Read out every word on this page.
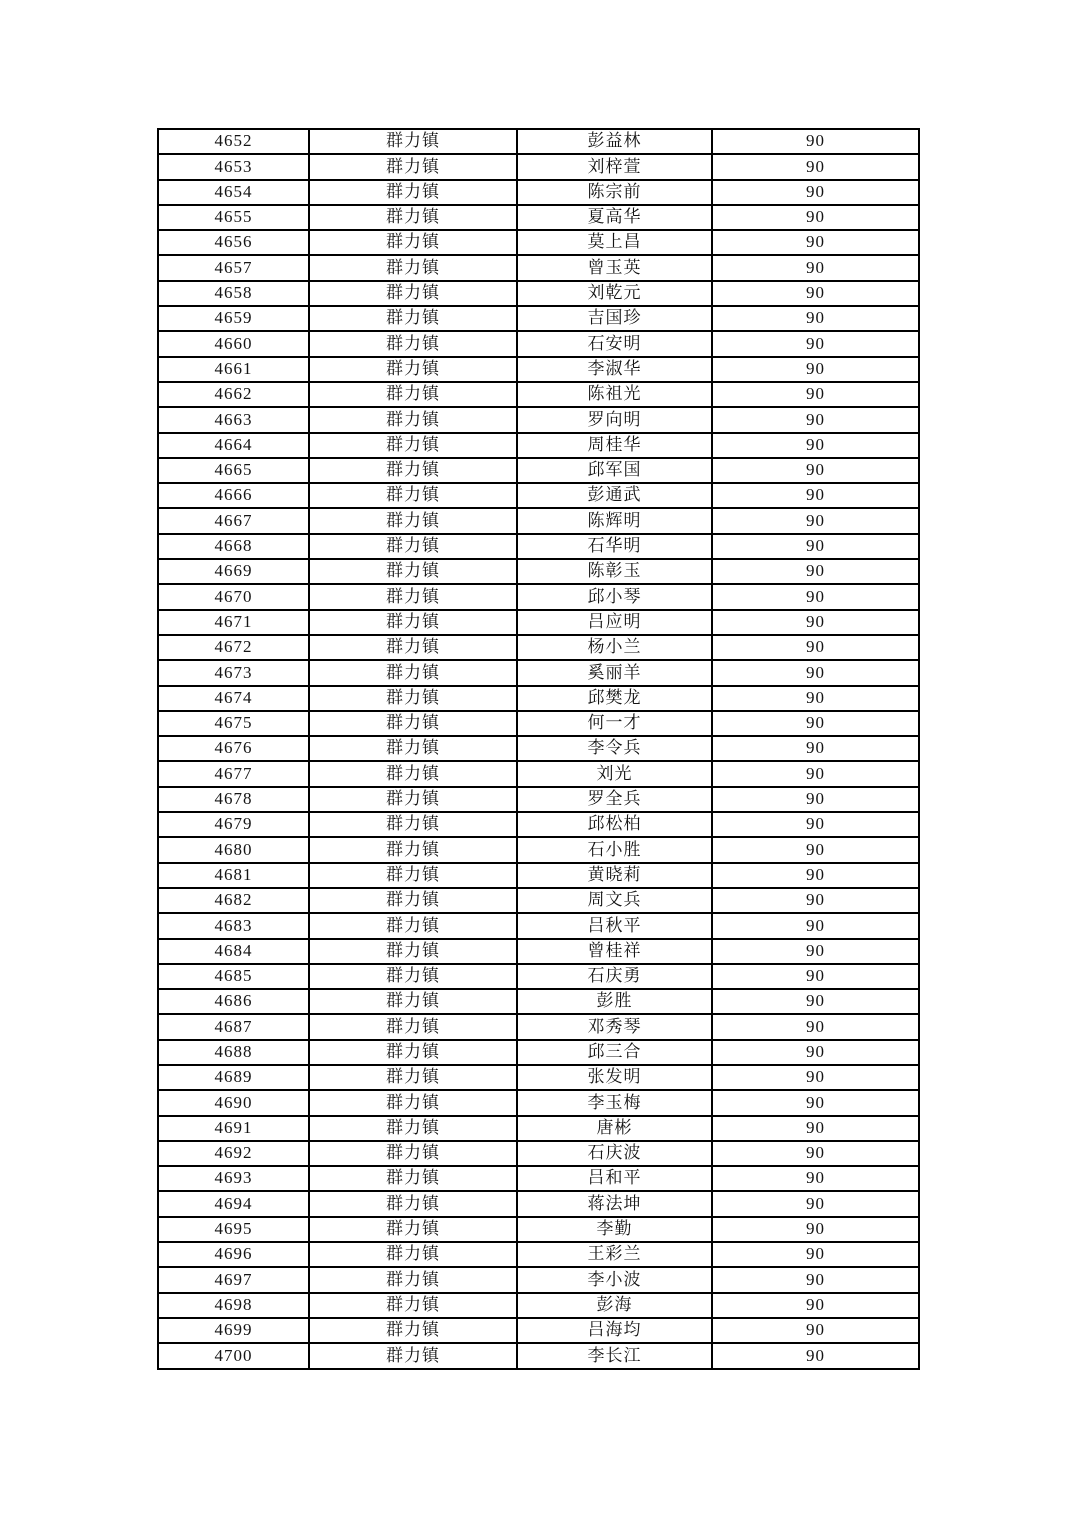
4652	群力镇	彭益林	90
4653	群力镇	刘梓萱	90
4654	群力镇	陈宗前	90
4655	群力镇	夏高华	90
4656	群力镇	莫上昌	90
4657	群力镇	曾玉英	90
4658	群力镇	刘乾元	90
4659	群力镇	吉国珍	90
4660	群力镇	石安明	90
4661	群力镇	李淑华	90
4662	群力镇	陈祖光	90
4663	群力镇	罗向明	90
4664	群力镇	周桂华	90
4665	群力镇	邱军国	90
4666	群力镇	彭通武	90
4667	群力镇	陈辉明	90
4668	群力镇	石华明	90
4669	群力镇	陈彰玉	90
4670	群力镇	邱小琴	90
4671	群力镇	吕应明	90
4672	群力镇	杨小兰	90
4673	群力镇	奚丽羊	90
4674	群力镇	邱樊龙	90
4675	群力镇	何一才	90
4676	群力镇	李令兵	90
4677	群力镇	刘光	90
4678	群力镇	罗全兵	90
4679	群力镇	邱松柏	90
4680	群力镇	石小胜	90
4681	群力镇	黄晓莉	90
4682	群力镇	周文兵	90
4683	群力镇	吕秋平	90
4684	群力镇	曾桂祥	90
4685	群力镇	石庆勇	90
4686	群力镇	彭胜	90
4687	群力镇	邓秀琴	90
4688	群力镇	邱三合	90
4689	群力镇	张发明	90
4690	群力镇	李玉梅	90
4691	群力镇	唐彬	90
4692	群力镇	石庆波	90
4693	群力镇	吕和平	90
4694	群力镇	蒋法坤	90
4695	群力镇	李勤	90
4696	群力镇	王彩兰	90
4697	群力镇	李小波	90
4698	群力镇	彭海	90
4699	群力镇	吕海均	90
4700	群力镇	李长江	90
